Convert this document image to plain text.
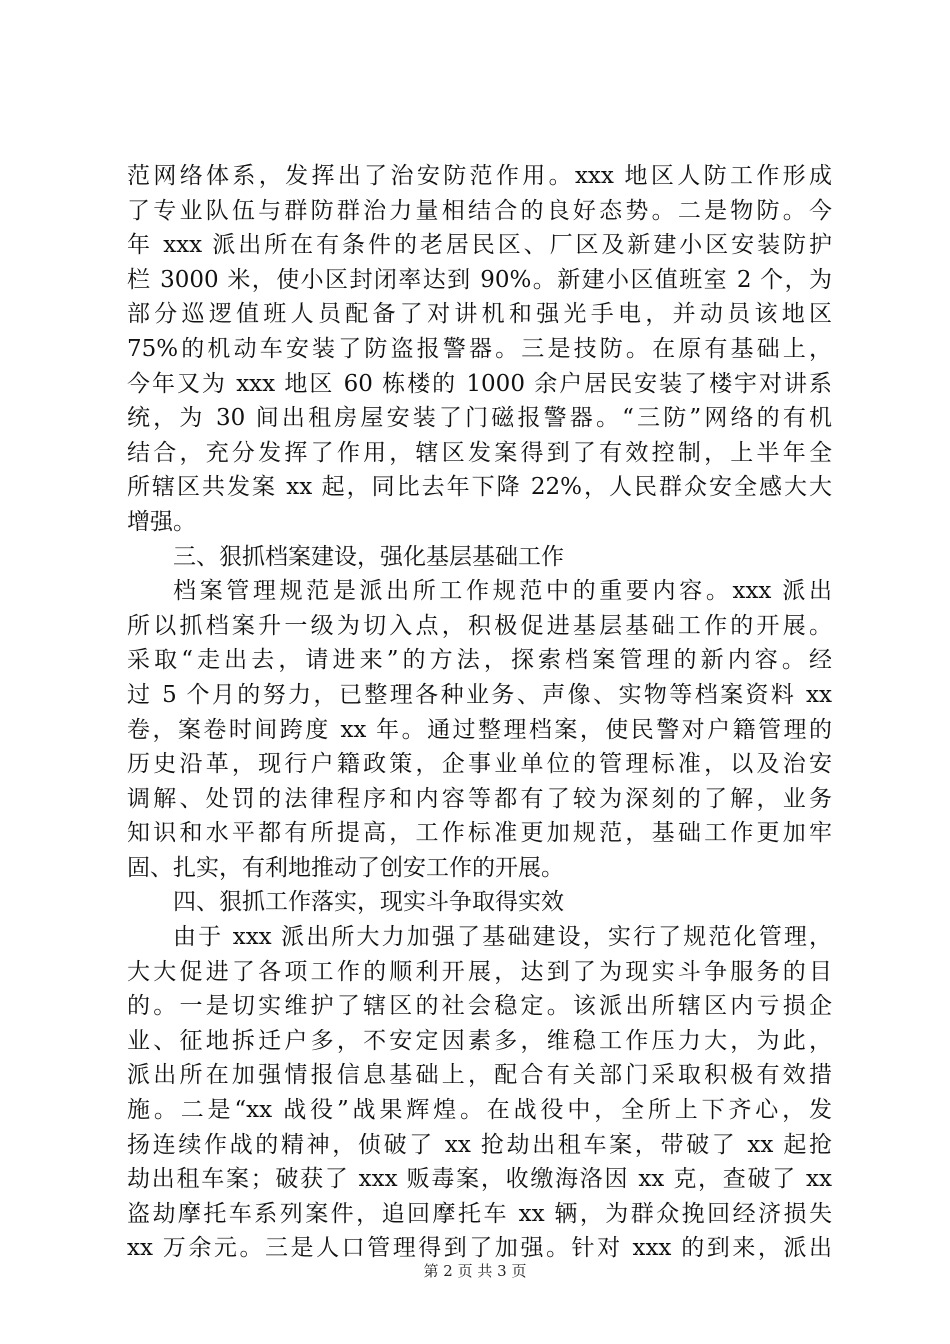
范网络体系，发挥出了治安防范作用。xxx 地区人防工作形成
了专业队伍与群防群治力量相结合的良好态势。二是物防。今
年 xxx 派出所在有条件的老居民区、厂区及新建小区安装防护
栏 3000 米，使小区封闭率达到 90%。新建小区值班室 2 个，为
部分巡逻值班人员配备了对讲机和强光手电，并动员该地区
75%的机动车安装了防盗报警器。三是技防。在原有基础上，
今年又为 xxx 地区 60 栋楼的 1000 余户居民安装了楼宇对讲系
统，为 30 间出租房屋安装了门磁报警器。“三防”网络的有机
结合，充分发挥了作用，辖区发案得到了有效控制，上半年全
所辖区共发案 xx 起，同比去年下降 22%，人民群众安全感大大
增强。
三、狠抓档案建设，强化基层基础工作
档案管理规范是派出所工作规范中的重要内容。xxx 派出
所以抓档案升一级为切入点，积极促进基层基础工作的开展。
采取“走出去，请进来”的方法，探索档案管理的新内容。经
过 5 个月的努力，已整理各种业务、声像、实物等档案资料 xx
卷，案卷时间跨度 xx 年。通过整理档案，使民警对户籍管理的
历史沿革，现行户籍政策，企事业单位的管理标准，以及治安
调解、处罚的法律程序和内容等都有了较为深刻的了解，业务
知识和水平都有所提高，工作标准更加规范，基础工作更加牢
固、扎实，有利地推动了创安工作的开展。
四、狠抓工作落实，现实斗争取得实效
由于 xxx 派出所大力加强了基础建设，实行了规范化管理，
大大促进了各项工作的顺利开展，达到了为现实斗争服务的目
的。一是切实维护了辖区的社会稳定。该派出所辖区内亏损企
业、征地拆迁户多，不安定因素多，维稳工作压力大，为此，
派出所在加强情报信息基础上，配合有关部门采取积极有效措
施。二是“xx 战役”战果辉煌。在战役中，全所上下齐心，发
扬连续作战的精神，侦破了 xx 抢劫出租车案，带破了 xx 起抢
劫出租车案；破获了 xxx 贩毒案，收缴海洛因 xx 克，查破了 xx
盗劫摩托车系列案件，追回摩托车 xx 辆，为群众挽回经济损失
xx 万余元。三是人口管理得到了加强。针对 xxx 的到来，派出
第 2 页 共 3 页
